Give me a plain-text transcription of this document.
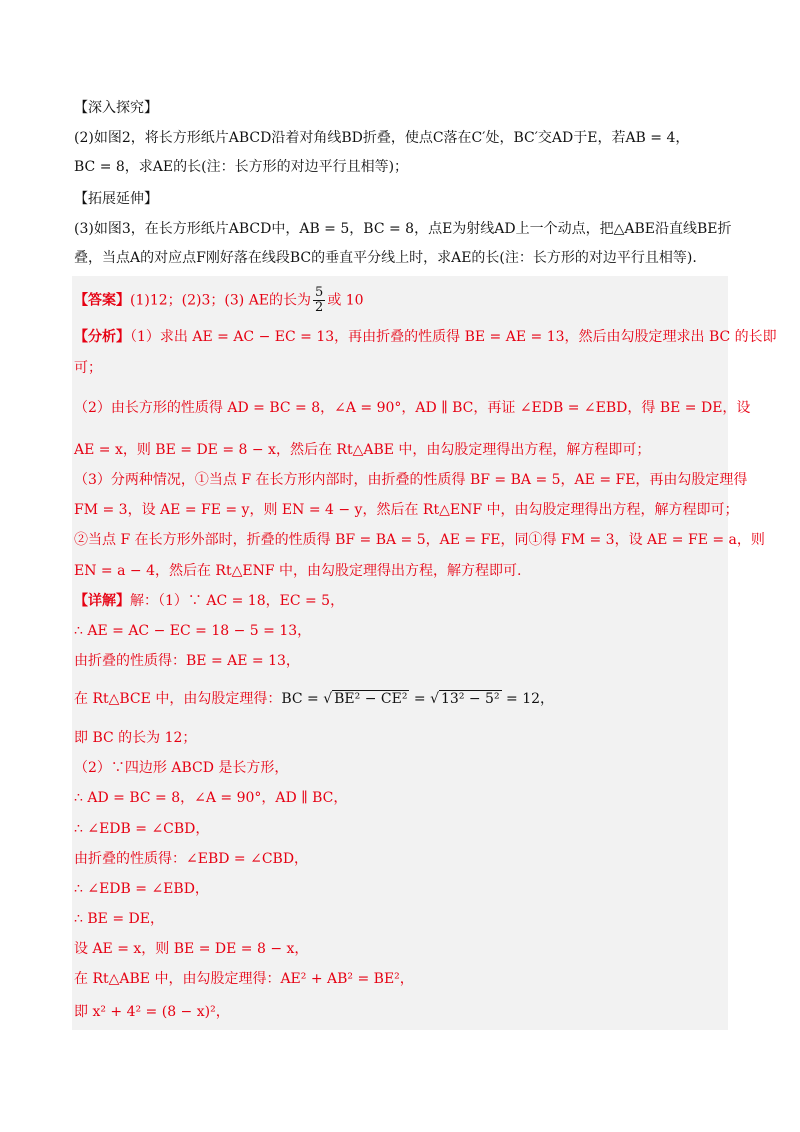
【深入探究】

(2)如图2，将长方形纸片ABCD沿着对角线BD折叠，使点C落在C′处，BC′交AD于E，若AB = 4，

BC = 8，求AE的长(注：长方形的对边平行且相等)；

【拓展延伸】

(3)如图3，在长方形纸片ABCD中，AB = 5，BC = 8，点E为射线AD上一个动点，把△ABE沿直线BE折

叠，当点A的对应点F刚好落在线段BC的垂直平分线上时，求AE的长(注：长方形的对边平行且相等).

【答案】(1)12；(2)3；(3) AE的长为 $\frac{5}{2}$ 或 10

【分析】（1）求出 AE = AC − EC = 13，再由折叠的性质得 BE = AE = 13，然后由勾股定理求出 BC 的长即

可；

（2）由长方形的性质得 AD = BC = 8，∠A = 90°，AD ∥ BC，再证 ∠EDB = ∠EBD，得 BE = DE，设

AE = x，则 BE = DE = 8 − x，然后在 Rt△ABE 中，由勾股定理得出方程，解方程即可；

（3）分两种情况，①当点 F 在长方形内部时，由折叠的性质得 BF = BA = 5，AE = FE，再由勾股定理得

FM = 3，设 AE = FE = y，则 EN = 4 − y，然后在 Rt△ENF 中，由勾股定理得出方程，解方程即可；

②当点 F 在长方形外部时，折叠的性质得 BF = BA = 5，AE = FE，同①得 FM = 3，设 AE = FE = a，则

EN = a − 4，然后在 Rt△ENF 中，由勾股定理得出方程，解方程即可.

【详解】解：（1）∵ AC = 18，EC = 5，

∴ AE = AC − EC = 18 − 5 = 13，

由折叠的性质得：BE = AE = 13，

在 Rt△BCE 中，由勾股定理得：BC = √ BE² − CE² = √ 13² − 5² = 12，

即 BC 的长为 12；

（2）∵四边形 ABCD 是长方形，

∴ AD = BC = 8，∠A = 90°，AD ∥ BC，

∴ ∠EDB = ∠CBD，

由折叠的性质得：∠EBD = ∠CBD，

∴ ∠EDB = ∠EBD，

∴ BE = DE，

设 AE = x，则 BE = DE = 8 − x，

在 Rt△ABE 中，由勾股定理得：AE² + AB² = BE²，

即 x² + 4² = (8 − x)²，
